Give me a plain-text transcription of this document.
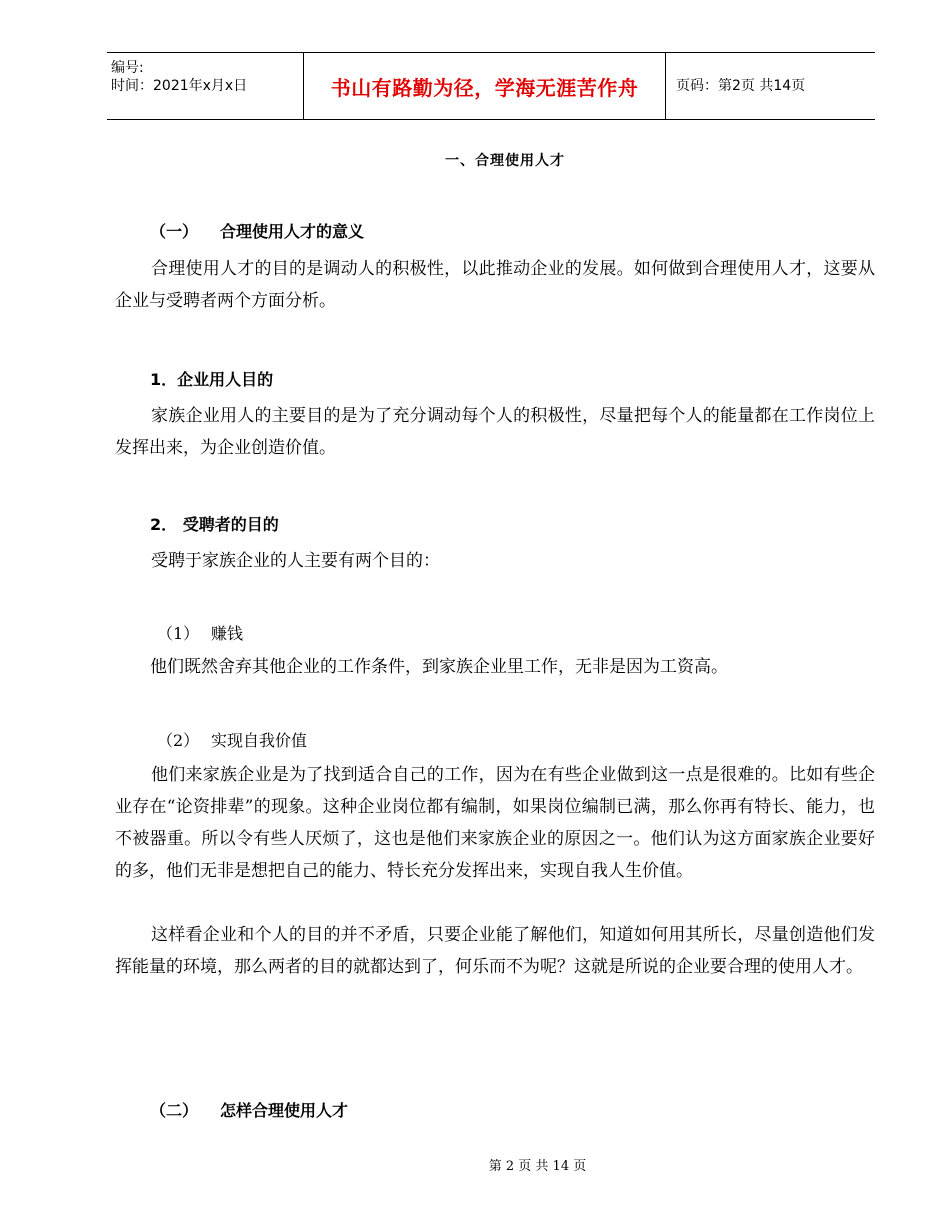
编号:
时间：2021年x月x日	书山有路勤为径，学海无涯苦作舟	页码：第2页 共14页
一、合理使用人才
（一） 合理使用人才的意义

合理使用人才的目的是调动人的积极性，以此推动企业的发展。如何做到合理使用人才，这要从企业与受聘者两个方面分析。

1．企业用人目的

家族企业用人的主要目的是为了充分调动每个人的积极性，尽量把每个人的能量都在工作岗位上发挥出来，为企业创造价值。

2． 受聘者的目的

受聘于家族企业的人主要有两个目的：

（1） 赚钱

他们既然舍弃其他企业的工作条件，到家族企业里工作，无非是因为工资高。

（2） 实现自我价值

他们来家族企业是为了找到适合自己的工作，因为在有些企业做到这一点是很难的。比如有些企业存在“论资排辈”的现象。这种企业岗位都有编制，如果岗位编制已满，那么你再有特长、能力，也不被器重。所以令有些人厌烦了，这也是他们来家族企业的原因之一。他们认为这方面家族企业要好的多，他们无非是想把自己的能力、特长充分发挥出来，实现自我人生价值。

这样看企业和个人的目的并不矛盾，只要企业能了解他们，知道如何用其所长，尽量创造他们发挥能量的环境，那么两者的目的就都达到了，何乐而不为呢？这就是所说的企业要合理的使用人才。

（二） 怎样合理使用人才
第 2 页 共 14 页
